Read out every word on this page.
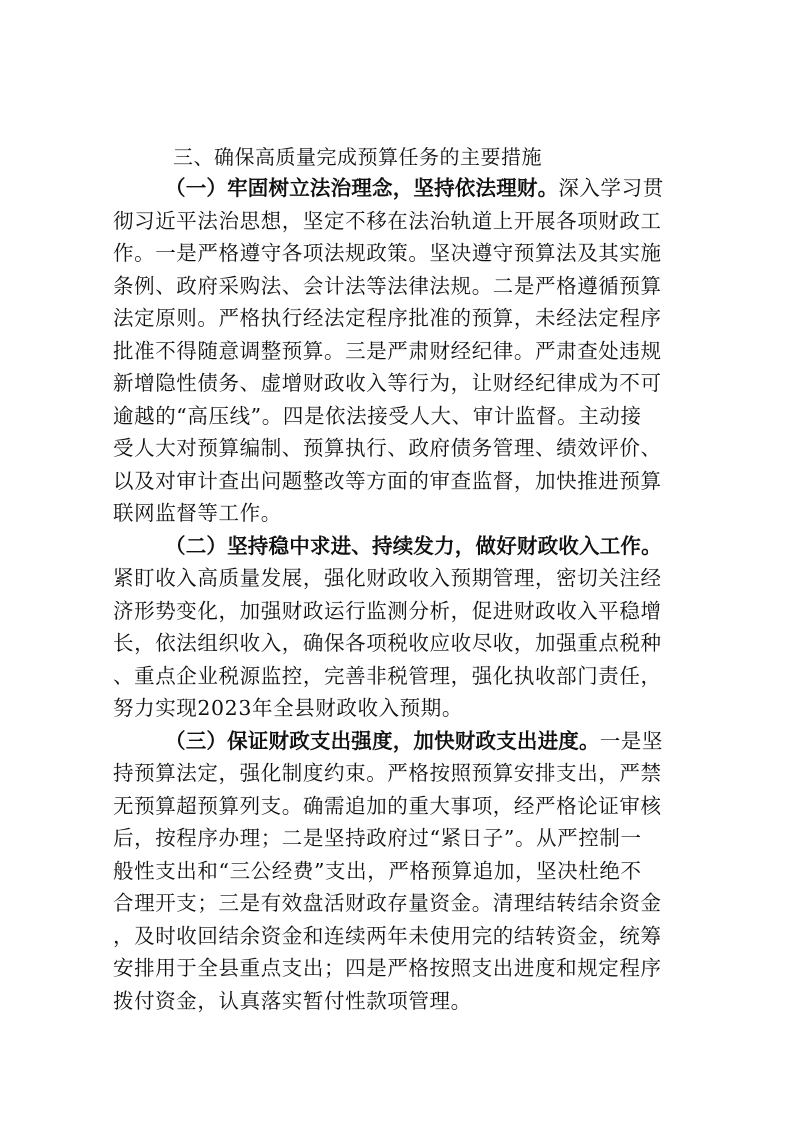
三、确保高质量完成预算任务的主要措施
（一）牢固树立法治理念，坚持依法理财。深入学习贯
彻习近平法治思想，坚定不移在法治轨道上开展各项财政工
作。一是严格遵守各项法规政策。坚决遵守预算法及其实施
条例、政府采购法、会计法等法律法规。二是严格遵循预算
法定原则。严格执行经法定程序批准的预算，未经法定程序
批准不得随意调整预算。三是严肃财经纪律。严肃查处违规
新增隐性债务、虚增财政收入等行为，让财经纪律成为不可
逾越的“高压线”。四是依法接受人大、审计监督。主动接
受人大对预算编制、预算执行、政府债务管理、绩效评价、
以及对审计查出问题整改等方面的审查监督，加快推进预算
联网监督等工作。
（二）坚持稳中求进、持续发力，做好财政收入工作。
紧盯收入高质量发展，强化财政收入预期管理，密切关注经
济形势变化，加强财政运行监测分析，促进财政收入平稳增
长，依法组织收入，确保各项税收应收尽收，加强重点税种
、重点企业税源监控，完善非税管理，强化执收部门责任，
努力实现2023年全县财政收入预期。
（三）保证财政支出强度，加快财政支出进度。一是坚
持预算法定，强化制度约束。严格按照预算安排支出，严禁
无预算超预算列支。确需追加的重大事项，经严格论证审核
后，按程序办理；二是坚持政府过“紧日子”。从严控制一
般性支出和“三公经费”支出，严格预算追加，坚决杜绝不
合理开支；三是有效盘活财政存量资金。清理结转结余资金
，及时收回结余资金和连续两年未使用完的结转资金，统筹
安排用于全县重点支出；四是严格按照支出进度和规定程序
拨付资金，认真落实暂付性款项管理。
